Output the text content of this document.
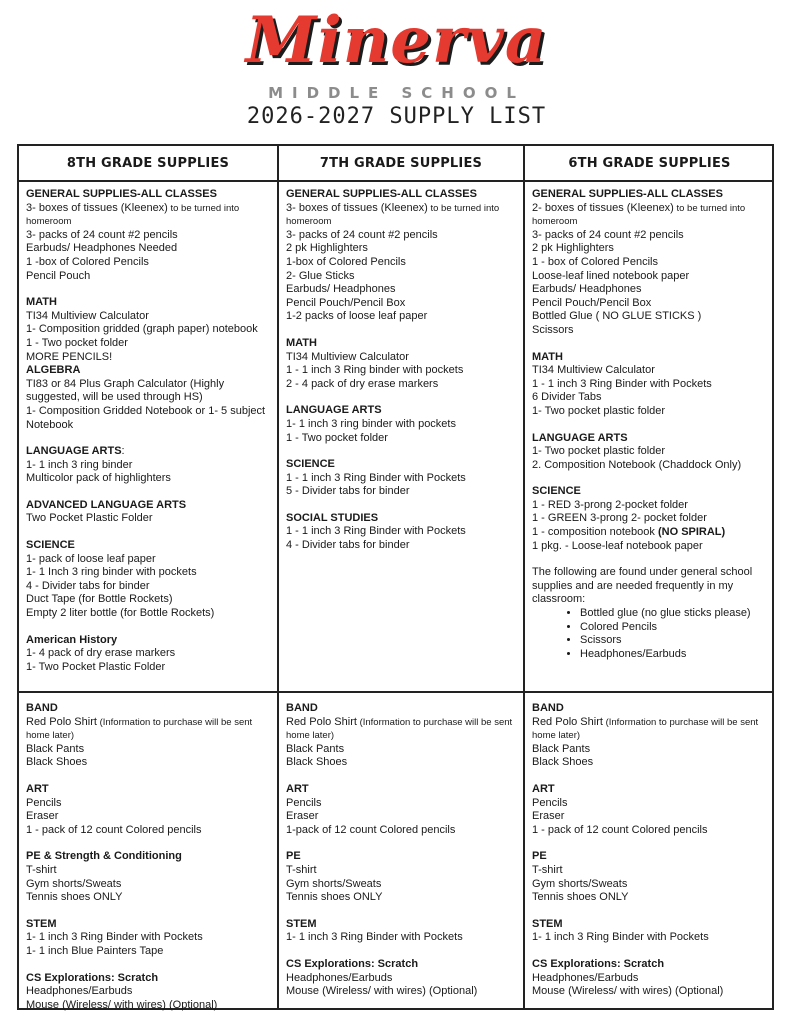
Minerva
MIDDLE SCHOOL
2026-2027 SUPPLY LIST
8TH GRADE SUPPLIES	7TH GRADE SUPPLIES	6TH GRADE SUPPLIES
GENERAL SUPPLIES-ALL CLASSES
3- boxes of tissues (Kleenex) to be turned into homeroom
3- packs of 24 count #2 pencils
Earbuds/ Headphones Needed
1 -box of Colored Pencils
Pencil Pouch
MATH
TI34 Multiview Calculator
1- Composition gridded (graph paper) notebook
1 - Two pocket folder
MORE PENCILS!
ALGEBRA
TI83 or 84 Plus Graph Calculator (Highly suggested, will be used through HS)
1- Composition Gridded Notebook or 1- 5 subject Notebook
LANGUAGE ARTS:
1- 1 inch 3 ring binder
Multicolor pack of highlighters
ADVANCED LANGUAGE ARTS
Two Pocket Plastic Folder
SCIENCE
1- pack of loose leaf paper
1- 1 Inch 3 ring binder with pockets
4 - Divider tabs for binder
Duct Tape (for Bottle Rockets)
Empty 2 liter bottle (for Bottle Rockets)
American History
1- 4 pack of dry erase markers
1- Two Pocket Plastic Folder
GENERAL SUPPLIES-ALL CLASSES
3- boxes of tissues (Kleenex) to be turned into homeroom
3- packs of 24 count #2 pencils
2 pk Highlighters
1-box of Colored Pencils
2- Glue Sticks
Earbuds/ Headphones
Pencil Pouch/Pencil Box
1-2 packs of loose leaf paper
MATH
TI34 Multiview Calculator
1 - 1 inch 3 Ring binder with pockets
2 - 4 pack of dry erase markers
LANGUAGE ARTS
1- 1 inch 3 ring binder with pockets
1 - Two pocket folder
SCIENCE
1 - 1 inch 3 Ring Binder with Pockets
5 - Divider tabs for binder
SOCIAL STUDIES
1 - 1 inch 3 Ring Binder with Pockets
4 - Divider tabs for binder
GENERAL SUPPLIES-ALL CLASSES
2- boxes of tissues (Kleenex) to be turned into homeroom
3- packs of 24 count #2 pencils
2 pk Highlighters
1 - box of Colored Pencils
Loose-leaf lined notebook paper
Earbuds/ Headphones
Pencil Pouch/Pencil Box
Bottled Glue ( NO GLUE STICKS )
Scissors
MATH
TI34 Multiview Calculator
1 - 1 inch 3 Ring Binder with Pockets
6 Divider Tabs
1- Two pocket plastic folder
LANGUAGE ARTS
1- Two pocket plastic folder
2. Composition Notebook (Chaddock Only)
SCIENCE
1 - RED 3-prong 2-pocket folder
1 - GREEN 3-prong 2- pocket folder
1 - composition notebook (NO SPIRAL)
1 pkg. - Loose-leaf notebook paper
The following are found under general school supplies and are needed frequently in my classroom:
• Bottled glue (no glue sticks please)
• Colored Pencils
• Scissors
• Headphones/Earbuds
BAND
Red Polo Shirt (Information to purchase will be sent home later)
Black Pants
Black Shoes
ART
Pencils
Eraser
1 - pack of 12 count Colored pencils
PE & Strength & Conditioning
T-shirt
Gym shorts/Sweats
Tennis shoes ONLY
STEM
1- 1 inch 3 Ring Binder with Pockets
1- 1 inch Blue Painters Tape
CS Explorations: Scratch
Headphones/Earbuds
Mouse (Wireless/ with wires) (Optional)
BAND
Red Polo Shirt (Information to purchase will be sent home later)
Black Pants
Black Shoes
ART
Pencils
Eraser
1-pack of 12 count Colored pencils
PE
T-shirt
Gym shorts/Sweats
Tennis shoes ONLY
STEM
1- 1 inch 3 Ring Binder with Pockets
CS Explorations: Scratch
Headphones/Earbuds
Mouse (Wireless/ with wires) (Optional)
BAND
Red Polo Shirt (Information to purchase will be sent home later)
Black Pants
Black Shoes
ART
Pencils
Eraser
1 - pack of 12 count Colored pencils
PE
T-shirt
Gym shorts/Sweats
Tennis shoes ONLY
STEM
1- 1 inch 3 Ring Binder with Pockets
CS Explorations: Scratch
Headphones/Earbuds
Mouse (Wireless/ with wires) (Optional)
